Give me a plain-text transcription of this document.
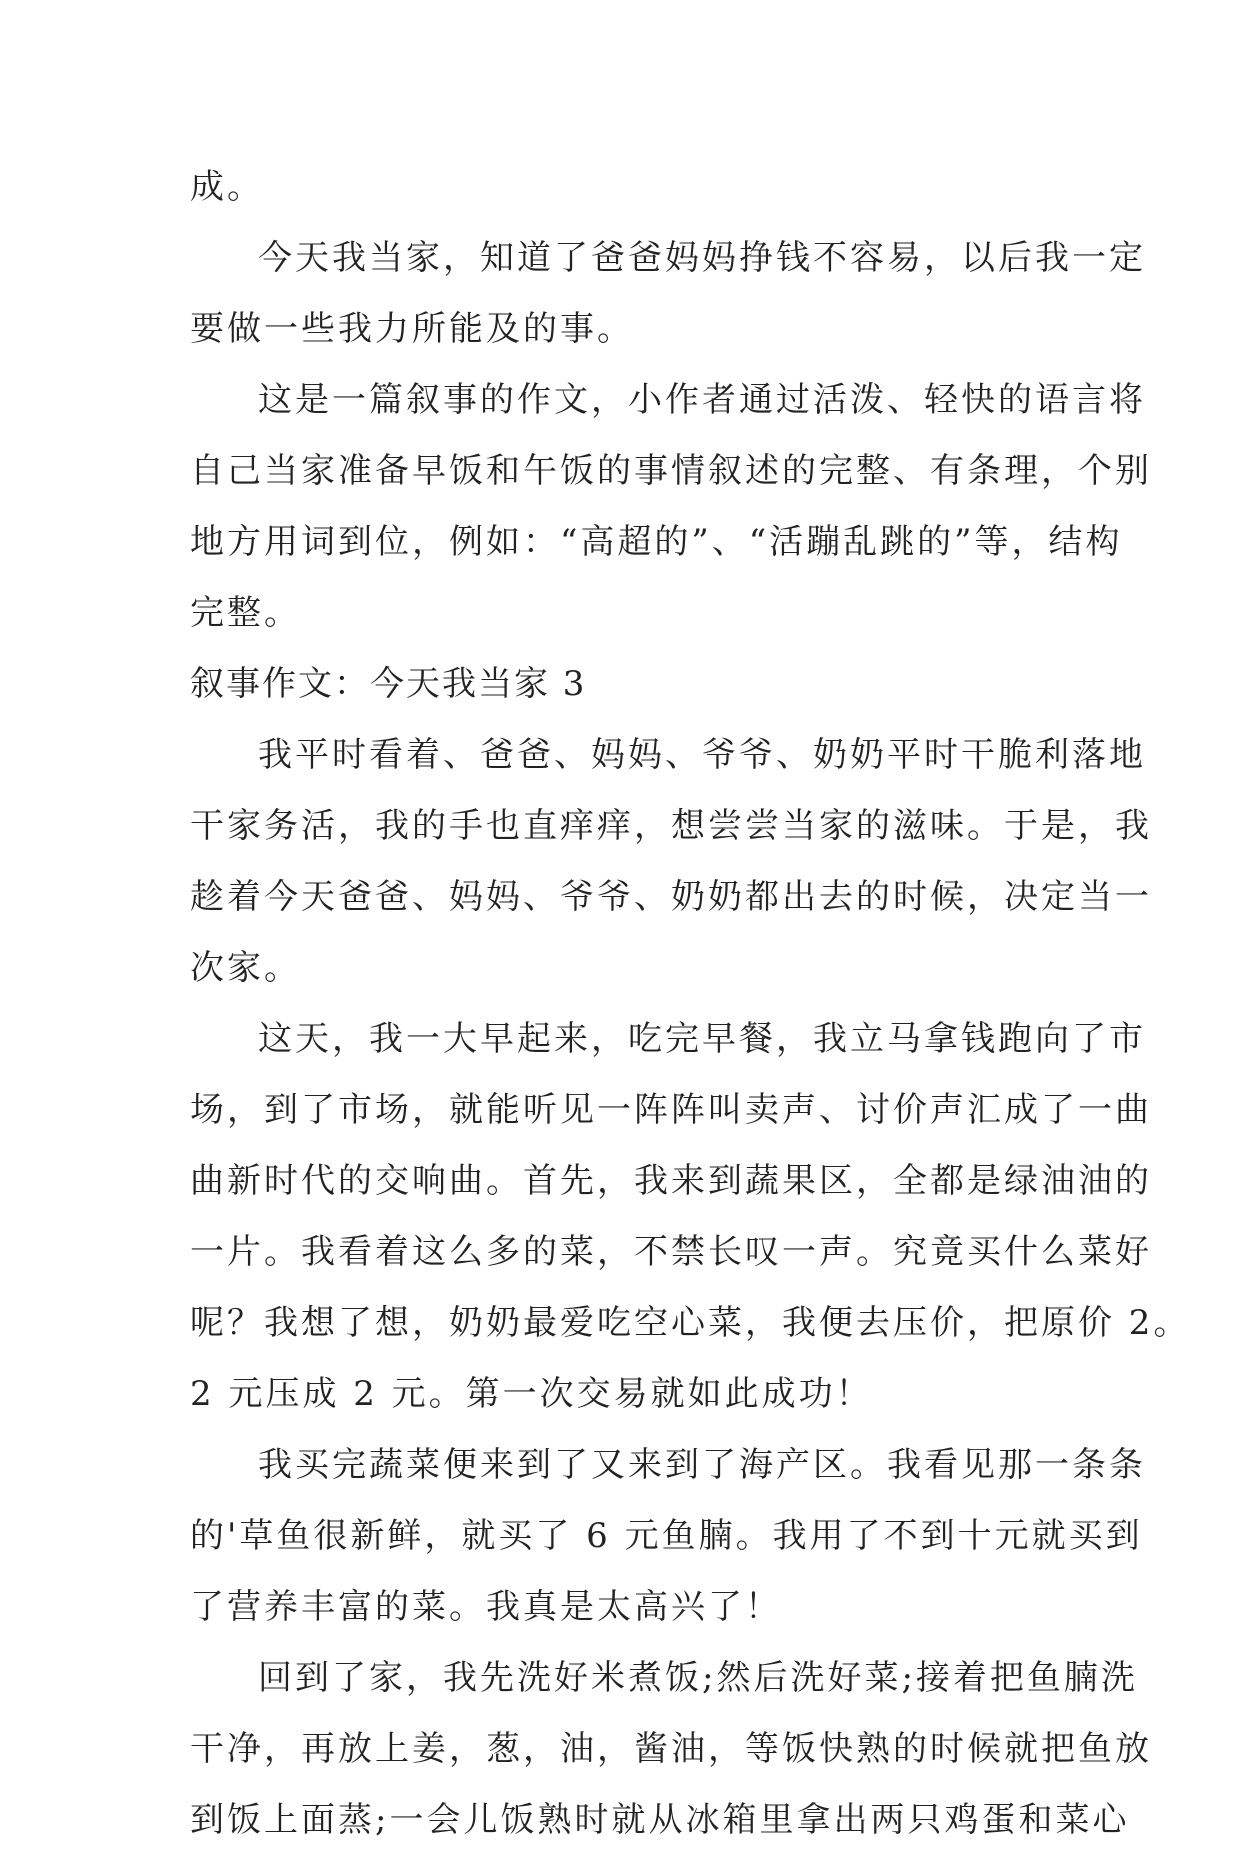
成。
今天我当家，知道了爸爸妈妈挣钱不容易，以后我一定
要做一些我力所能及的事。
这是一篇叙事的作文，小作者通过活泼、轻快的语言将
自己当家准备早饭和午饭的事情叙述的完整、有条理，个别
地方用词到位，例如：“高超的”、“活蹦乱跳的”等，结构
完整。
叙事作文：今天我当家 3
我平时看着、爸爸、妈妈、爷爷、奶奶平时干脆利落地
干家务活，我的手也直痒痒，想尝尝当家的滋味。于是，我
趁着今天爸爸、妈妈、爷爷、奶奶都出去的时候，决定当一
次家。
这天，我一大早起来，吃完早餐，我立马拿钱跑向了市
场，到了市场，就能听见一阵阵叫卖声、讨价声汇成了一曲
曲新时代的交响曲。首先，我来到蔬果区，全都是绿油油的
一片。我看着这么多的菜，不禁长叹一声。究竟买什么菜好
呢？我想了想，奶奶最爱吃空心菜，我便去压价，把原价 2。
2 元压成 2 元。第一次交易就如此成功！
我买完蔬菜便来到了又来到了海产区。我看见那一条条
的'草鱼很新鲜，就买了 6 元鱼腩。我用了不到十元就买到
了营养丰富的菜。我真是太高兴了！
回到了家，我先洗好米煮饭;然后洗好菜;接着把鱼腩洗
干净，再放上姜，葱，油，酱油，等饭快熟的时候就把鱼放
到饭上面蒸;一会儿饭熟时就从冰箱里拿出两只鸡蛋和菜心
